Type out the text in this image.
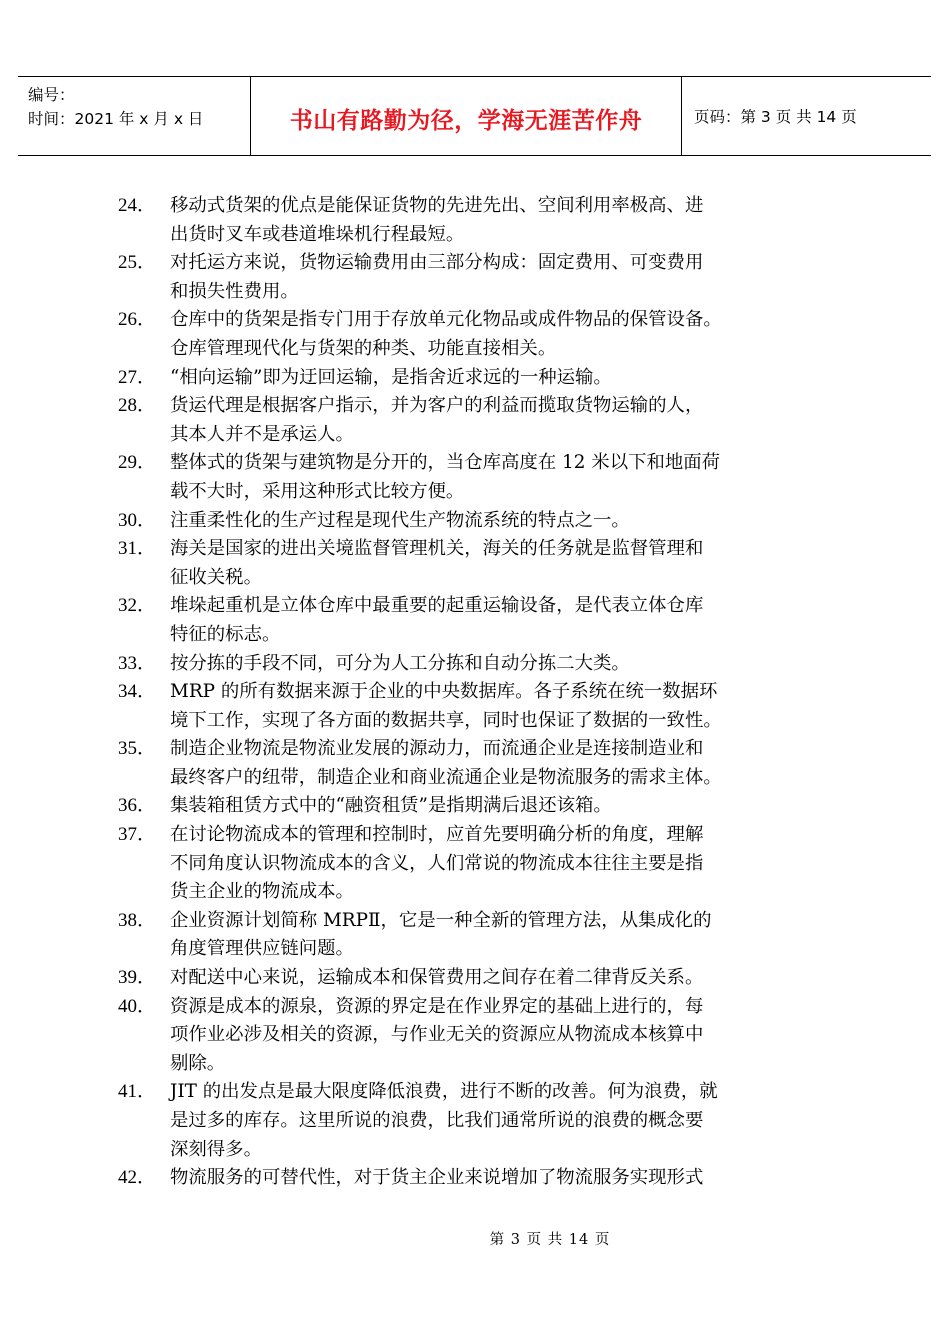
编号：
时间：2021 年 x 月 x 日	书山有路勤为径，学海无涯苦作舟	页码：第 3 页 共 14 页
24． 移动式货架的优点是能保证货物的先进先出、空间利用率极高、进
出货时叉车或巷道堆垛机行程最短。
25． 对托运方来说，货物运输费用由三部分构成：固定费用、可变费用
和损失性费用。
26． 仓库中的货架是指专门用于存放单元化物品或成件物品的保管设备。
仓库管理现代化与货架的种类、功能直接相关。
27． “相向运输”即为迂回运输，是指舍近求远的一种运输。
28． 货运代理是根据客户指示，并为客户的利益而揽取货物运输的人，
其本人并不是承运人。
29． 整体式的货架与建筑物是分开的，当仓库高度在 12 米以下和地面荷
载不大时，采用这种形式比较方便。
30． 注重柔性化的生产过程是现代生产物流系统的特点之一。
31． 海关是国家的进出关境监督管理机关，海关的任务就是监督管理和
征收关税。
32． 堆垛起重机是立体仓库中最重要的起重运输设备，是代表立体仓库
特征的标志。
33． 按分拣的手段不同，可分为人工分拣和自动分拣二大类。
34． MRP 的所有数据来源于企业的中央数据库。各子系统在统一数据环
境下工作，实现了各方面的数据共享，同时也保证了数据的一致性。
35． 制造企业物流是物流业发展的源动力，而流通企业是连接制造业和
最终客户的纽带，制造企业和商业流通企业是物流服务的需求主体。
36． 集装箱租赁方式中的“融资租赁”是指期满后退还该箱。
37． 在讨论物流成本的管理和控制时，应首先要明确分析的角度，理解
不同角度认识物流成本的含义，人们常说的物流成本往往主要是指
货主企业的物流成本。
38． 企业资源计划简称 MRPⅡ，它是一种全新的管理方法，从集成化的
角度管理供应链问题。
39． 对配送中心来说，运输成本和保管费用之间存在着二律背反关系。
40． 资源是成本的源泉，资源的界定是在作业界定的基础上进行的，每
项作业必涉及相关的资源，与作业无关的资源应从物流成本核算中
剔除。
41． JIT 的出发点是最大限度降低浪费，进行不断的改善。何为浪费，就
是过多的库存。这里所说的浪费，比我们通常所说的浪费的概念要
深刻得多。
42． 物流服务的可替代性，对于货主企业来说增加了物流服务实现形式
第 3 页 共 14 页
